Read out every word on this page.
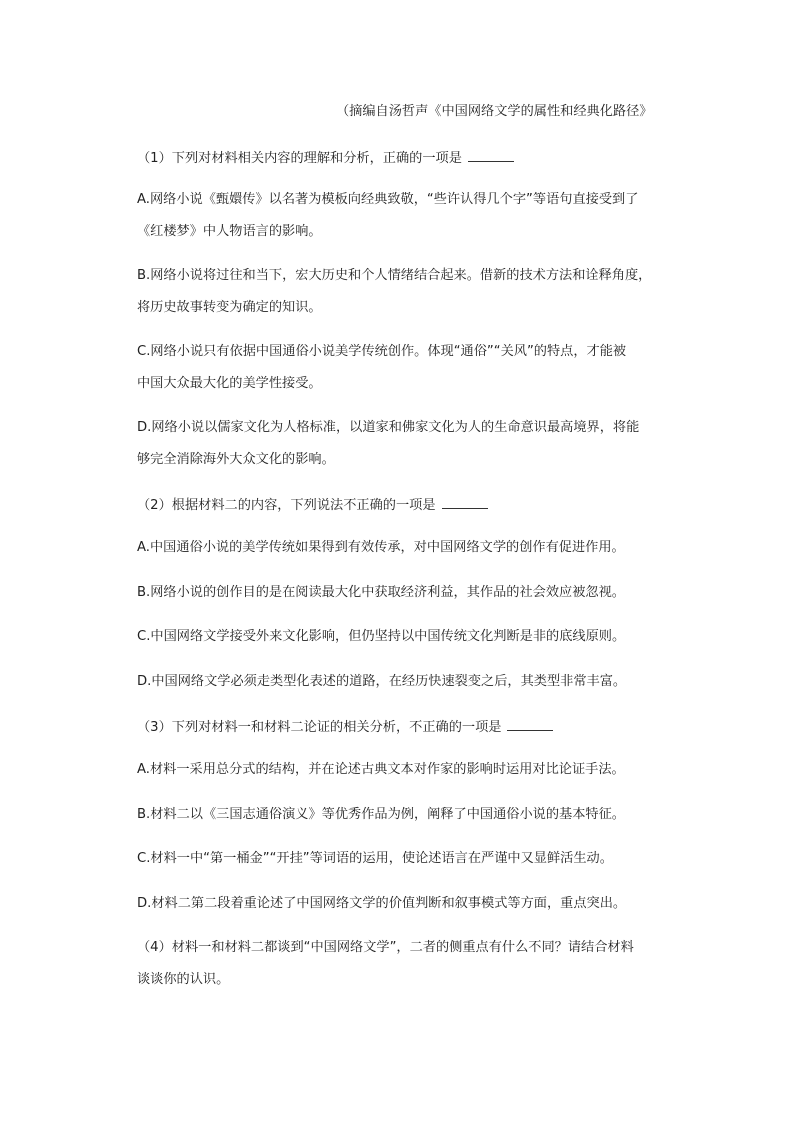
（摘编自汤哲声《中国网络文学的属性和经典化路径》
（1）下列对材料相关内容的理解和分析，正确的一项是
A.网络小说《甄嬛传》以名著为模板向经典致敬，“些许认得几个字”等语句直接受到了
《红楼梦》中人物语言的影响。
B.网络小说将过往和当下，宏大历史和个人情绪结合起来。借新的技术方法和诠释角度，
将历史故事转变为确定的知识。
C.网络小说只有依据中国通俗小说美学传统创作。体现“通俗”“关风”的特点，才能被
中国大众最大化的美学性接受。
D.网络小说以儒家文化为人格标准，以道家和佛家文化为人的生命意识最高境界，将能
够完全消除海外大众文化的影响。
（2）根据材料二的内容，下列说法不正确的一项是
A.中国通俗小说的美学传统如果得到有效传承，对中国网络文学的创作有促进作用。
B.网络小说的创作目的是在阅读最大化中获取经济利益，其作品的社会效应被忽视。
C.中国网络文学接受外来文化影响，但仍坚持以中国传统文化判断是非的底线原则。
D.中国网络文学必须走类型化表述的道路，在经历快速裂变之后，其类型非常丰富。
（3）下列对材料一和材料二论证的相关分析，不正确的一项是
A.材料一采用总分式的结构，并在论述古典文本对作家的影响时运用对比论证手法。
B.材料二以《三国志通俗演义》等优秀作品为例，阐释了中国通俗小说的基本特征。
C.材料一中“第一桶金”“开挂”等词语的运用，使论述语言在严谨中又显鲜活生动。
D.材料二第二段着重论述了中国网络文学的价值判断和叙事模式等方面，重点突出。
（4）材料一和材料二都谈到“中国网络文学”，二者的侧重点有什么不同？请结合材料
谈谈你的认识。
